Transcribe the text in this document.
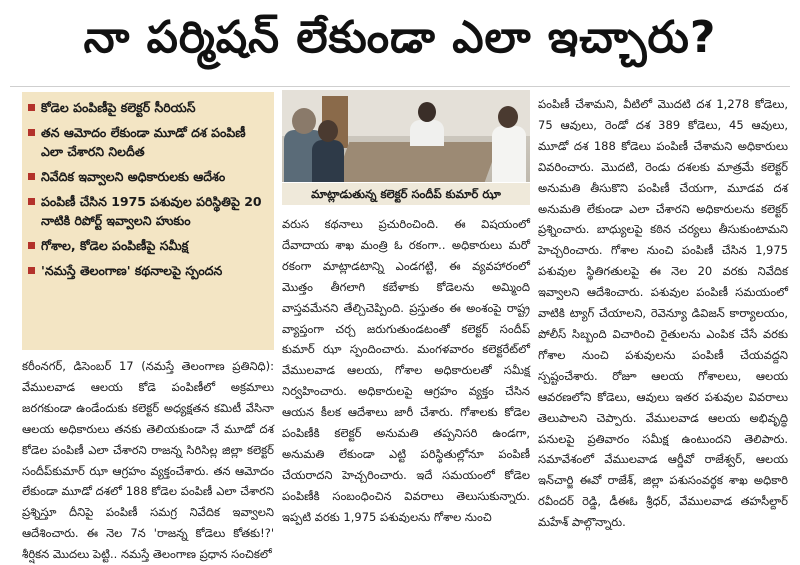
నా పర్మిషన్ లేకుండా ఎలా ఇచ్చారు?
కోడెల పంపిణీపై కలెక్టర్ సీరియస్
తన ఆమోదం లేకుండా మూడో దశ పంపిణీ ఎలా చేశారని నిలదీత
నివేదిక ఇవ్వాలని అధికారులకు ఆదేశం
పంపిణీ చేసిన 1975 పశువుల పరిస్థితిపై 20 నాటికి రిపోర్ట్ ఇవ్వాలని హుకుం
గోశాల, కోడెల పంపిణీపై సమీక్ష
'నమస్తే తెలంగాణ' కథనాలపై స్పందన
మాట్లాడుతున్న కలెక్టర్ సందీప్ కుమార్ ఝా

కరీంనగర్, డిసెంబర్ 17 (నమస్తే తెలంగాణ ప్రతినిధి): వేములవాడ ఆలయ కోడె పంపిణీలో అక్రమాలు జరగకుండా ఉండేందుకు కలెక్టర్ అధ్యక్షతన కమిటీ వేసినా ఆలయ అధికారులు తనకు తెలియకుండా నే మూడో దశ కోడెల పంపిణీ ఎలా చేశారని రాజన్న సిరిసిల్ల జిల్లా కలెక్టర్ సందీప్‌కుమార్ ఝా ఆగ్రహం వ్యక్తంచేశారు. తన ఆమోదం లేకుండా మూడో దశలో 188 కోడెల పంపిణీ ఎలా చేశారని ప్రశ్నిస్తూ దీనిపై పంపిణీ సమగ్ర నివేదిక ఇవ్వాలని ఆదేశించారు. ఈ నెల 7న 'రాజన్న కోడెలు కోతకు!?' శీర్షికన మొదలు పెట్టి.. నమస్తే తెలంగాణ ప్రధాన సంచికలో

వరుస కథనాలు ప్రచురించింది. ఈ విషయంలో దేవాదాయ శాఖ మంత్రి ఓ రకంగా.. అధికారులు మరో రకంగా మాట్లాడటాన్ని ఎండగట్టి, ఈ వ్యవహారంలో మొత్తం తీగలాగి కబేళాకు కోడెలను అమ్మింది వాస్తవమేనని తేల్చిచెప్పింది. ప్రస్తుతం ఈ అంశంపై రాష్ట్ర వ్యాప్తంగా చర్చ జరుగుతుండటంతో కలెక్టర్ సందీప్ కుమార్ ఝా స్పందించారు. మంగళవారం కలెక్టరేట్‌లో వేములవాడ ఆలయ, గోశాల అధికారులతో సమీక్ష నిర్వహించారు. అధికారులపై ఆగ్రహం వ్యక్తం చేసిన ఆయన కీలక ఆదేశాలు జారీ చేశారు. గోశాలకు కోడెల పంపిణీకి కలెక్టర్ అనుమతి తప్పనిసరి ఉండగా, అనుమతి లేకుండా ఎట్టి పరిస్థితుల్లోనూ పంపిణీ చేయరాదని హెచ్చరించారు. ఇదే సమయంలో కోడెల పంపిణీకి సంబంధించిన వివరాలు తెలుసుకున్నారు. ఇప్పటి వరకు 1,975 పశువులను గోశాల నుంచి

పంపిణీ చేశామని, వీటిలో మొదటి దశ 1,278 కోడెలు, 75 ఆవులు, రెండో దశ 389 కోడెలు, 45 ఆవులు, మూడో దశ 188 కోడెలు పంపిణీ చేశామని అధికారులు వివరించారు. మొదటి, రెండు దశలకు మాత్రమే కలెక్టర్ అనుమతి తీసుకొని పంపిణీ చేయగా, మూడవ దశ అనుమతి లేకుండా ఎలా చేశారని అధికారులను కలెక్టర్ ప్రశ్నించారు. బాధ్యులపై కఠిన చర్యలు తీసుకుంటామని హెచ్చరించారు. గోశాల నుంచి పంపిణీ చేసిన 1,975 పశువుల స్థితిగతులపై ఈ నెల 20 వరకు నివేదిక ఇవ్వాలని ఆదేశించారు. పశువుల పంపిణీ సమయంలో వాటికి ట్యాగ్ చేయాలని, రెవెన్యూ డివిజన్ కార్యాలయం, పోలీస్ సిబ్బంది విచారించి రైతులను ఎంపిక చేసే వరకు గోశాల నుంచి పశువులను పంపిణీ చేయవద్దని స్పష్టంచేశారు. రోజూ ఆలయ గోశాలలు, ఆలయ ఆవరణలోని కోడెలు, ఆవులు ఇతర పశువుల వివరాలు తెలుపాలని చెప్పారు. వేములవాడ ఆలయ అభివృద్ధి పనులపై ప్రతివారం సమీక్ష ఉంటుందని తెలిపారు. సమావేశంలో వేములవాడ ఆర్డీవో రాజేశ్వర్, ఆలయ ఇన్‌చార్జి ఈవో రాజేశ్, జిల్లా పశుసంవర్థక శాఖ అధికారి రవీందర్ రెడ్డి, డీఈఓ శ్రీధర్, వేములవాడ తహసీల్దార్ మహేశ్ పాల్గొన్నారు.
